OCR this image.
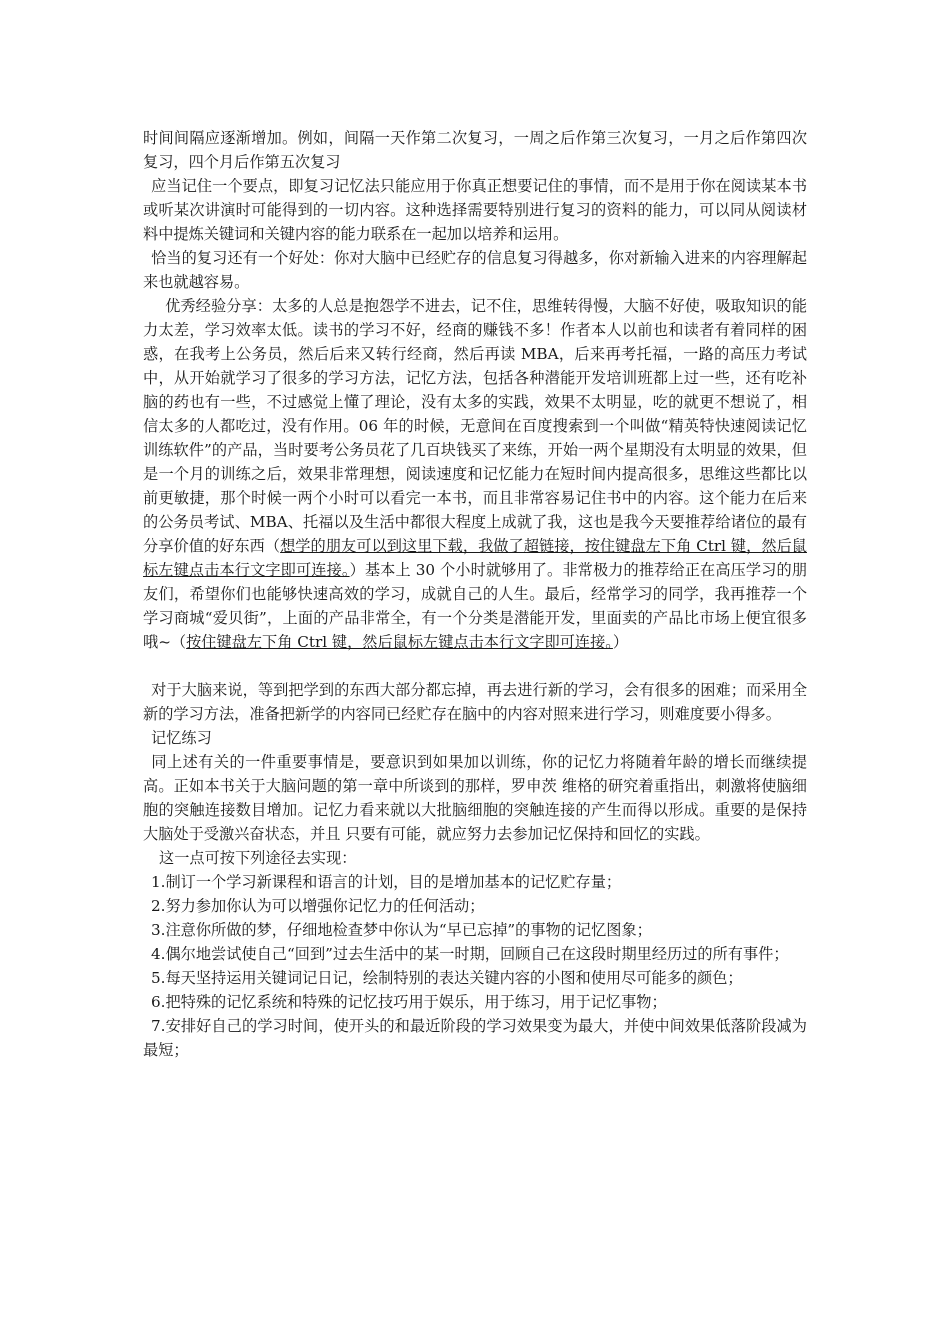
时间间隔应逐渐增加。例如，间隔一天作第二次复习，一周之后作第三次复习，一月之后作第四次复习，四个月后作第五次复习

应当记住一个要点，即复习记忆法只能应用于你真正想要记住的事情，而不是用于你在阅读某本书或听某次讲演时可能得到的一切内容。这种选择需要特别进行复习的资料的能力，可以同从阅读材料中提炼关键词和关键内容的能力联系在一起加以培养和运用。

恰当的复习还有一个好处：你对大脑中已经贮存的信息复习得越多，你对新输入进来的内容理解起来也就越容易。

优秀经验分享：太多的人总是抱怨学不进去，记不住，思维转得慢，大脑不好使，吸取知识的能力太差，学习效率太低。读书的学习不好，经商的赚钱不多！作者本人以前也和读者有着同样的困惑，在我考上公务员，然后后来又转行经商，然后再读 MBA，后来再考托福，一路的高压力考试中，从开始就学习了很多的学习方法，记忆方法，包括各种潜能开发培训班都上过一些，还有吃补脑的药也有一些，不过感觉上懂了理论，没有太多的实践，效果不太明显，吃的就更不想说了，相信太多的人都吃过，没有作用。06 年的时候，无意间在百度搜索到一个叫做“精英特快速阅读记忆训练软件”的产品，当时要考公务员花了几百块钱买了来练，开始一两个星期没有太明显的效果，但是一个月的训练之后，效果非常理想，阅读速度和记忆能力在短时间内提高很多，思维这些都比以前更敏捷，那个时候一两个小时可以看完一本书，而且非常容易记住书中的内容。这个能力在后来的公务员考试、MBA、托福以及生活中都很大程度上成就了我，这也是我今天要推荐给诸位的最有分享价值的好东西（想学的朋友可以到这里下载，我做了超链接，按住键盘左下角 Ctrl 键，然后鼠标左键点击本行文字即可连接。）基本上 30 个小时就够用了。非常极力的推荐给正在高压学习的朋友们，希望你们也能够快速高效的学习，成就自己的人生。最后，经常学习的同学，我再推荐一个学习商城“爱贝街”，上面的产品非常全，有一个分类是潜能开发，里面卖的产品比市场上便宜很多哦~（按住键盘左下角 Ctrl 键，然后鼠标左键点击本行文字即可连接。）

对于大脑来说，等到把学到的东西大部分都忘掉，再去进行新的学习，会有很多的困难；而采用全新的学习方法，准备把新学的内容同已经贮存在脑中的内容对照来进行学习，则难度要小得多。

记忆练习

同上述有关的一件重要事情是，要意识到如果加以训练，你的记忆力将随着年龄的增长而继续提高。正如本书关于大脑问题的第一章中所谈到的那样，罗申茨 维格的研究着重指出，刺激将使脑细胞的突触连接数目增加。记忆力看来就以大批脑细胞的突触连接的产生而得以形成。重要的是保持大脑处于受激兴奋状态，并且 只要有可能，就应努力去参加记忆保持和回忆的实践。

这一点可按下列途径去实现：

1.制订一个学习新课程和语言的计划，目的是增加基本的记忆贮存量；

2.努力参加你认为可以增强你记忆力的任何活动；

3.注意你所做的梦，仔细地检查梦中你认为“早已忘掉”的事物的记忆图象；

4.偶尔地尝试使自己“回到”过去生活中的某一时期，回顾自己在这段时期里经历过的所有事件；

5.每天坚持运用关键词记日记，绘制特别的表达关键内容的小图和使用尽可能多的颜色；

6.把特殊的记忆系统和特殊的记忆技巧用于娱乐，用于练习，用于记忆事物；

7.安排好自己的学习时间，使开头的和最近阶段的学习效果变为最大，并使中间效果低落阶段减为最短；
